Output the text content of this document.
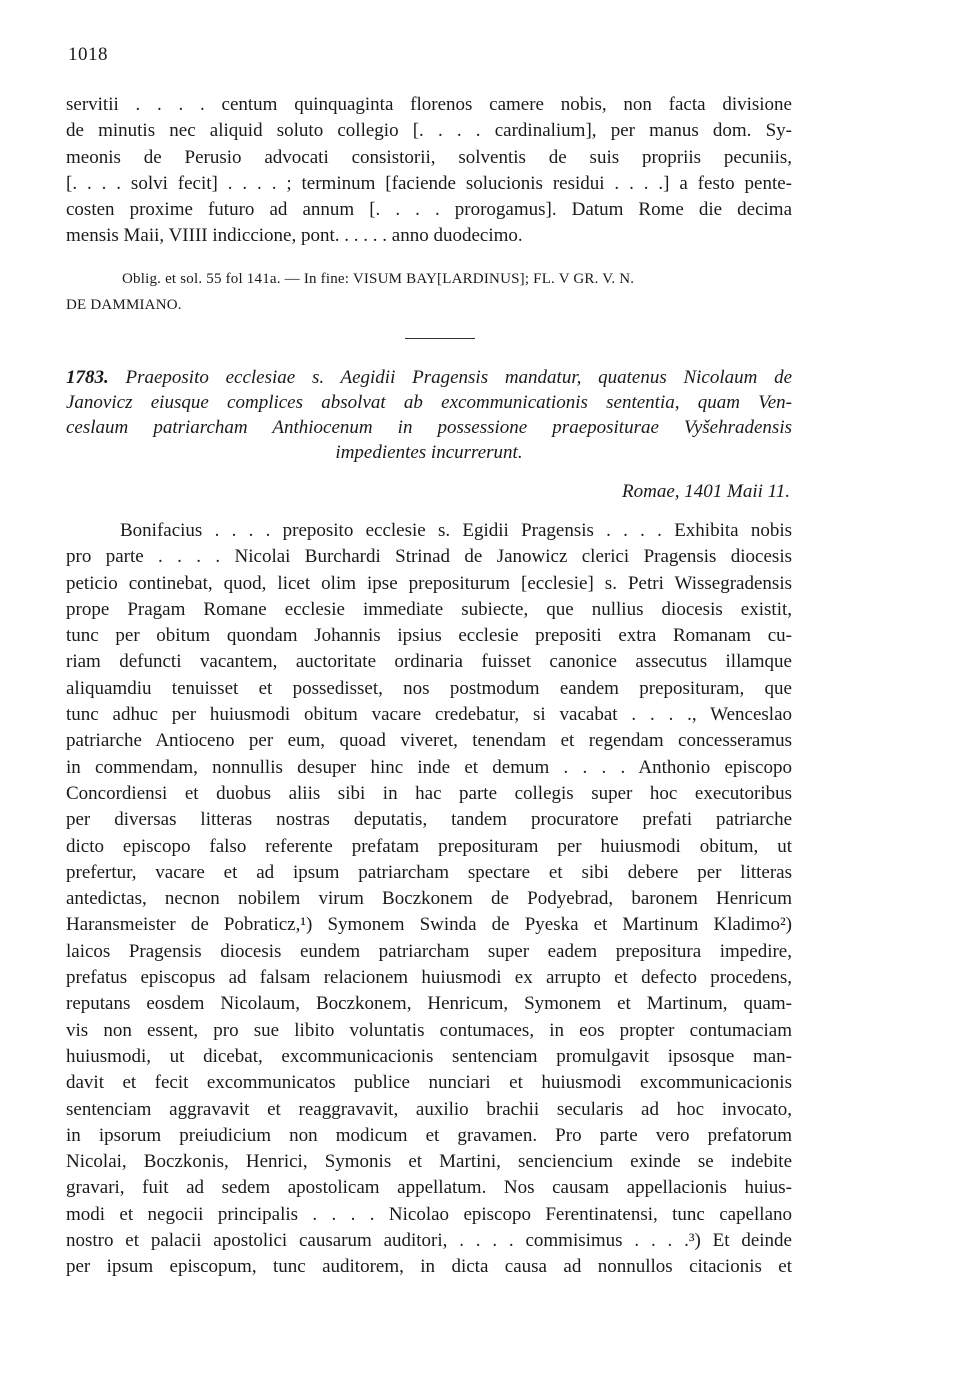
1018

servitii . . . . centum quinquaginta florenos camere nobis, non facta divisione
de minutis nec aliquid soluto collegio [. . . . cardinalium], per manus dom. Sy-
meonis de Perusio advocati consistorii, solventis de suis propriis pecuniis,
[. . . . solvi fecit] . . . . ; terminum [faciende solucionis residui . . . .] a festo pente-
costen proxime futuro ad annum [. . . . prorogamus]. Datum Rome die decima
mensis Maii, VIIII indiccione, pont. . . . . . anno duodecimo.

Oblig. et sol. 55 fol 141a. — In fine: VISUM BAY[LARDINUS]; FL. V GR. V. N.
DE DAMMIANO.
1783. Praeposito ecclesiae s. Aegidii Pragensis mandatur, quatenus Nicolaum de
Janovicz eiusque complices absolvat ab excommunicationis sententia, quam Ven-
ceslaum patriarcham Anthiocenum in possessione praepositurae Vyšehradensis
impedientes incurrerunt.
Romae, 1401 Maii 11.

Bonifacius . . . . preposito ecclesie s. Egidii Pragensis . . . . Exhibita nobis
pro parte . . . . Nicolai Burchardi Strinad de Janowicz clerici Pragensis diocesis
peticio continebat, quod, licet olim ipse prepositurum [ecclesie] s. Petri Wissegradensis
prope Pragam Romane ecclesie immediate subiecte, que nullius diocesis existit,
tunc per obitum quondam Johannis ipsius ecclesie prepositi extra Romanam cu-
riam defuncti vacantem, auctoritate ordinaria fuisset canonice assecutus illamque
aliquamdiu tenuisset et possedisset, nos postmodum eandem preposituram, que
tunc adhuc per huiusmodi obitum vacare credebatur, si vacabat . . . ., Wenceslao
patriarche Antioceno per eum, quoad viveret, tenendam et regendam concesseramus
in commendam, nonnullis desuper hinc inde et demum . . . . Anthonio episcopo
Concordiensi et duobus aliis sibi in hac parte collegis super hoc executoribus
per diversas litteras nostras deputatis, tandem procuratore prefati patriarche
dicto episcopo falso referente prefatam preposituram per huiusmodi obitum, ut
prefertur, vacare et ad ipsum patriarcham spectare et sibi debere per litteras
antedictas, necnon nobilem virum Boczkonem de Podyebrad, baronem Henricum
Haransmeister de Pobraticz,¹) Symonem Swinda de Pyeska et Martinum Kladimo²)
laicos Pragensis diocesis eundem patriarcham super eadem prepositura impedire,
prefatus episcopus ad falsam relacionem huiusmodi ex arrupto et defecto procedens,
reputans eosdem Nicolaum, Boczkonem, Henricum, Symonem et Martinum, quam-
vis non essent, pro sue libito voluntatis contumaces, in eos propter contumaciam
huiusmodi, ut dicebat, excommunicacionis sentenciam promulgavit ipsosque man-
davit et fecit excommunicatos publice nunciari et huiusmodi excommunicacionis
sentenciam aggravavit et reaggravavit, auxilio brachii secularis ad hoc invocato,
in ipsorum preiudicium non modicum et gravamen. Pro parte vero prefatorum
Nicolai, Boczkonis, Henrici, Symonis et Martini, senciencium exinde se indebite
gravari, fuit ad sedem apostolicam appellatum. Nos causam appellacionis huius-
modi et negocii principalis . . . . Nicolao episcopo Ferentinatensi, tunc capellano
nostro et palacii apostolici causarum auditori, . . . . commisimus . . . .³) Et deinde
per ipsum episcopum, tunc auditorem, in dicta causa ad nonnullos citacionis et
